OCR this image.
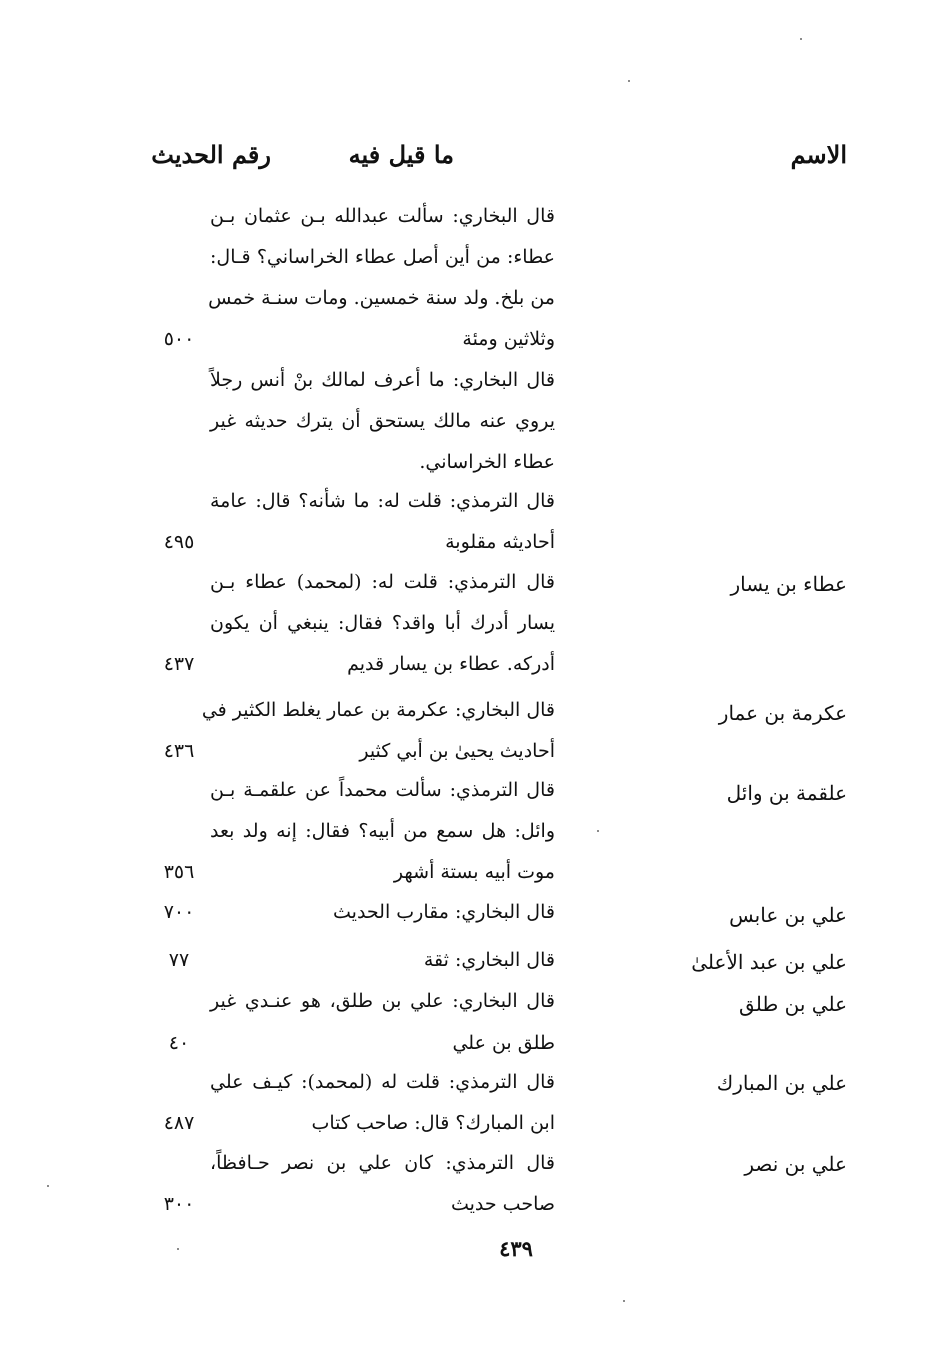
الاسم
ما قيل فيه
رقم الحديث
قال البخاري: سألت عبدالله بـن عثمان بـن
عطاء: من أين أصل عطاء الخراساني؟ قـال:
من بلخ. ولد سنة خمسين. ومات سنـة خمس
وثلاثين ومئة
٥٠٠
قال البخاري: ما أعرف لمالك بنْ أنس رجلاً
يروي عنه مالك يستحق أن يترك حديثه غير
عطاء الخراساني.
قال الترمذي: قلت له: ما شأنه؟ قال: عامة
أحاديثه مقلوبة
٤٩٥
عطاء بن يسار
قال الترمذي: قلت له: (لمحمد) عطاء بـن
يسار أدرك أبا واقد؟ فقال: ينبغي أن يكون
أدركه. عطاء بن يسار قديم
٤٣٧
عكرمة بن عمار
قال البخاري: عكرمة بن عمار يغلط الكثير في
أحاديث يحيىٰ بن أبي كثير
٤٣٦
علقمة بن وائل
قال الترمذي: سألت محمداً عن علقمـة بـن
وائل: هل سمع من أبيه؟ فقال: إنه ولد بعد
موت أبيه بستة أشهر
٣٥٦
علي بن عابس
قال البخاري: مقارب الحديث
٧٠٠
علي بن عبد الأعلىٰ
قال البخاري: ثقة
٧٧
علي بن طلق
قال البخاري: علي بن طلق، هو عنـدي غير
طلق بن علي
٤٠
علي بن المبارك
قال الترمذي: قلت له (لمحمد): كيـف علي
ابن المبارك؟ قال: صاحب كتاب
٤٨٧
علي بن نصر
قال الترمذي: كان علي بن نصر حـافظاً،
صاحب حديث
٣٠٠
٤٣٩
